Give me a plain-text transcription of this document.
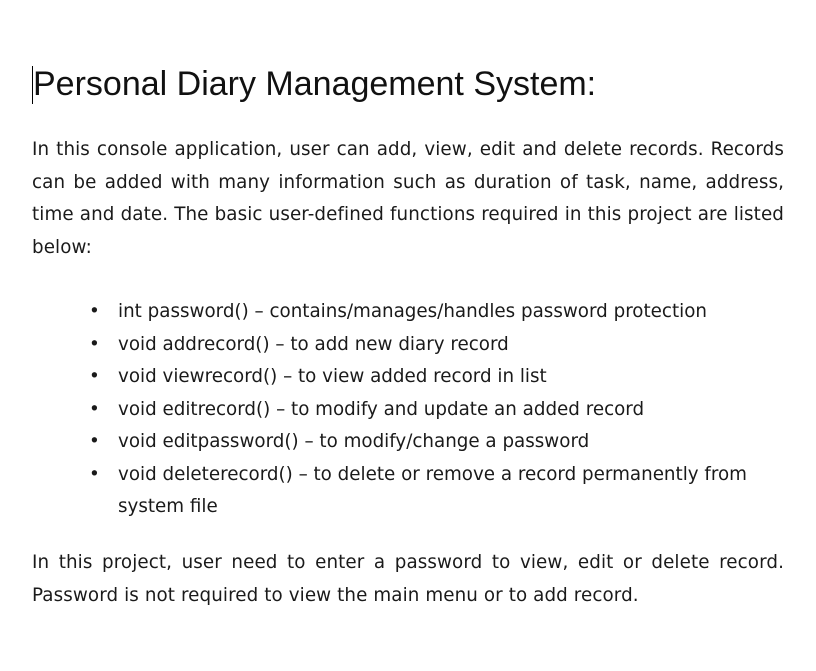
Personal Diary Management System:

In this console application, user can add, view, edit and delete records. Records can be added with many information such as duration of task, name, address, time and date. The basic user-defined functions required in this project are listed below:

• int password() – contains/manages/handles password protection
• void addrecord() – to add new diary record
• void viewrecord() – to view added record in list
• void editrecord() – to modify and update an added record
• void editpassword() – to modify/change a password
• void deleterecord() – to delete or remove a record permanently from system file

In this project, user need to enter a password to view, edit or delete record. Password is not required to view the main menu or to add record.
